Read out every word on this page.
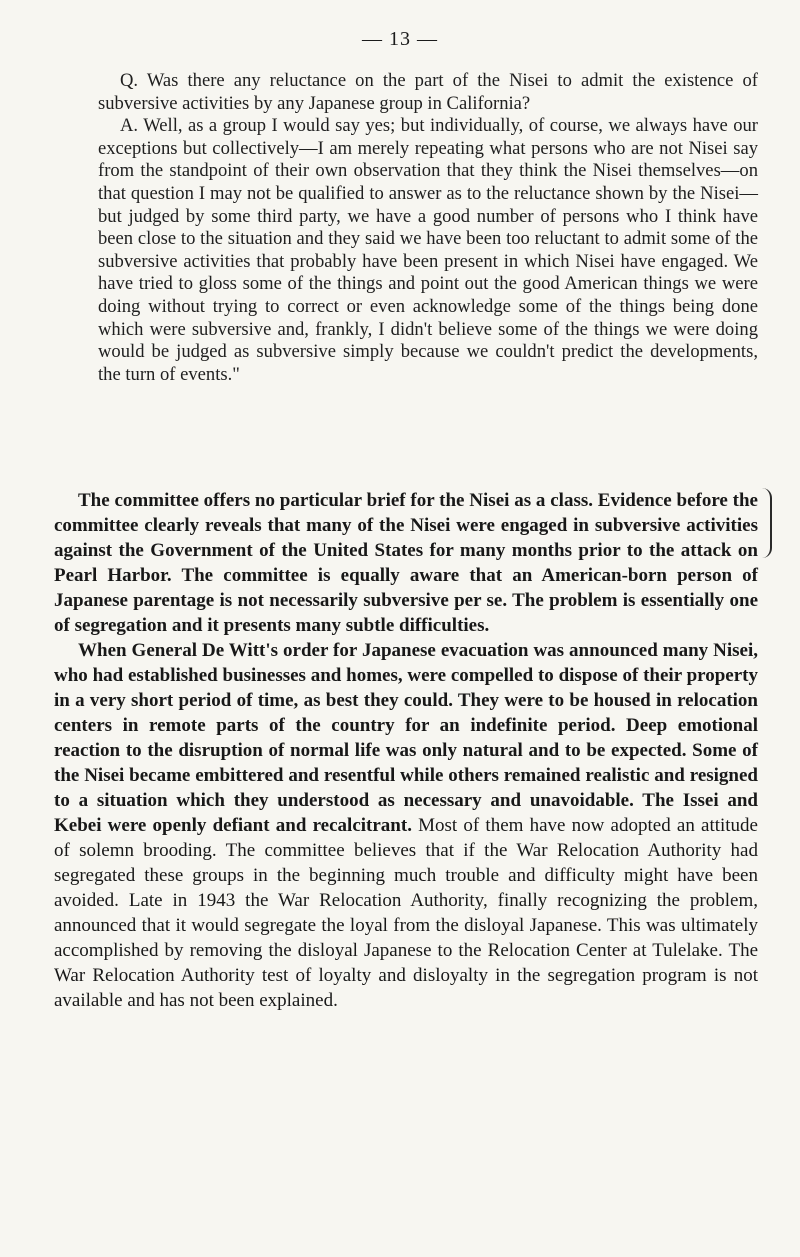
— 13 —

Q. Was there any reluctance on the part of the Nisei to admit the existence of subversive activities by any Japanese group in California?

A. Well, as a group I would say yes; but individually, of course, we always have our exceptions but collectively—I am merely repeating what persons who are not Nisei say from the standpoint of their own observation that they think the Nisei themselves—on that question I may not be qualified to answer as to the reluctance shown by the Nisei—but judged by some third party, we have a good number of persons who I think have been close to the situation and they said we have been too reluctant to admit some of the subversive activities that probably have been present in which Nisei have engaged. We have tried to gloss some of the things and point out the good American things we were doing without trying to correct or even acknowledge some of the things being done which were subversive and, frankly, I didn't believe some of the things we were doing would be judged as subversive simply because we couldn't predict the developments, the turn of events."

The committee offers no particular brief for the Nisei as a class. Evidence before the committee clearly reveals that many of the Nisei were engaged in subversive activities against the Government of the United States for many months prior to the attack on Pearl Harbor. The committee is equally aware that an American-born person of Japanese parentage is not necessarily subversive per se. The problem is essentially one of segregation and it presents many subtle difficulties.

When General De Witt's order for Japanese evacuation was announced many Nisei, who had established businesses and homes, were compelled to dispose of their property in a very short period of time, as best they could. They were to be housed in relocation centers in remote parts of the country for an indefinite period. Deep emotional reaction to the disruption of normal life was only natural and to be expected. Some of the Nisei became embittered and resentful while others remained realistic and resigned to a situation which they understood as necessary and unavoidable. The Issei and Kebei were openly defiant and recalcitrant. Most of them have now adopted an attitude of solemn brooding. The committee believes that if the War Relocation Authority had segregated these groups in the beginning much trouble and difficulty might have been avoided. Late in 1943 the War Relocation Authority, finally recognizing the problem, announced that it would segregate the loyal from the disloyal Japanese. This was ultimately accomplished by removing the disloyal Japanese to the Relocation Center at Tulelake. The War Relocation Authority test of loyalty and disloyalty in the segregation program is not available and has not been explained.
